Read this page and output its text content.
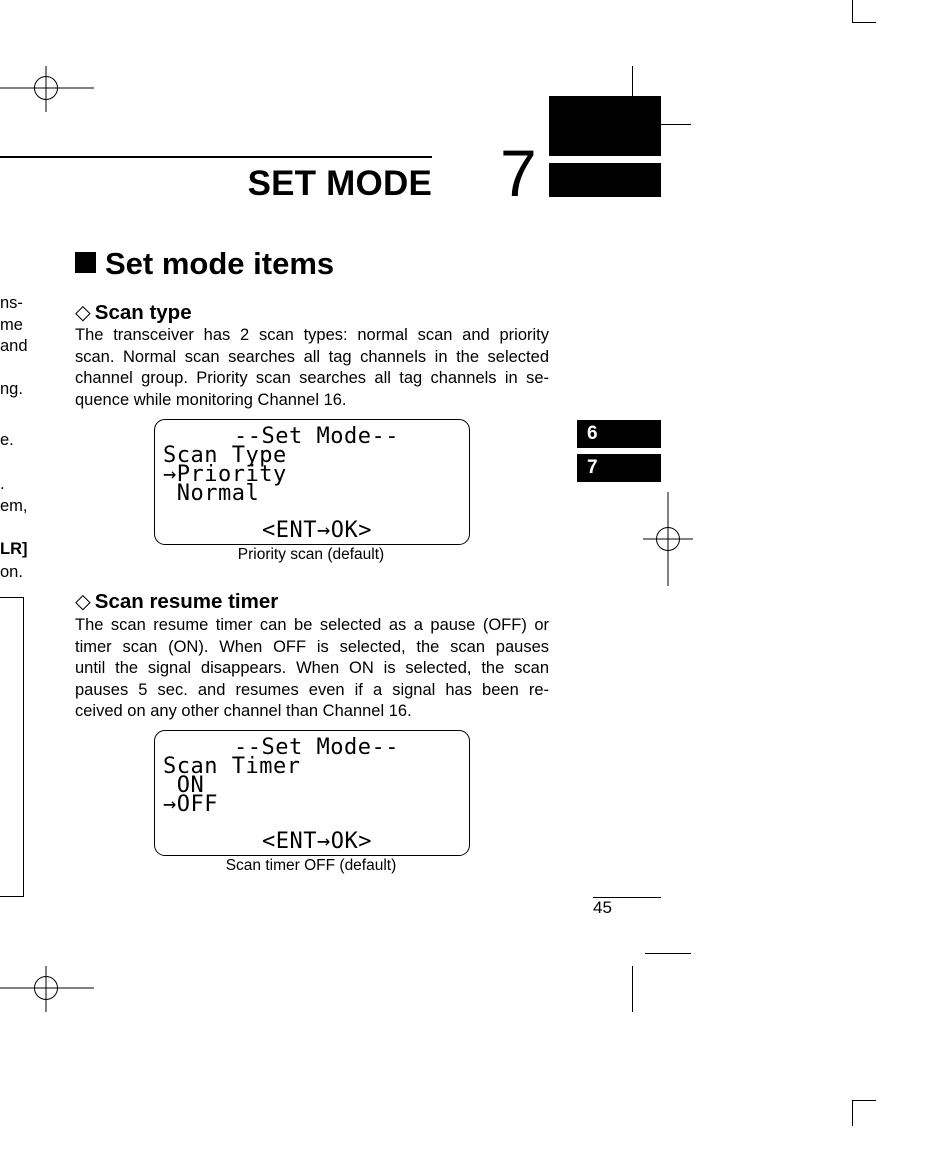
ns-
me
and
ng.
e.
.
em,
LR]
on.
SET MODE 7
Set mode items
◇ Scan type
The transceiver has 2 scan types: normal scan and priority
scan. Normal scan searches all tag channels in the selected
channel group. Priority scan searches all tag channels in se-
quence while monitoring Channel 16.
--Set Mode--
Scan Type
→Priority
Normal
<ENT→OK>
Priority scan (default)
◇ Scan resume timer
The scan resume timer can be selected as a pause (OFF) or
timer scan (ON). When OFF is selected, the scan pauses
until the signal disappears. When ON is selected, the scan
pauses 5 sec. and resumes even if a signal has been re-
ceived on any other channel than Channel 16.
--Set Mode--
Scan Timer
ON
→OFF
<ENT→OK>
Scan timer OFF (default)
6
7
45
